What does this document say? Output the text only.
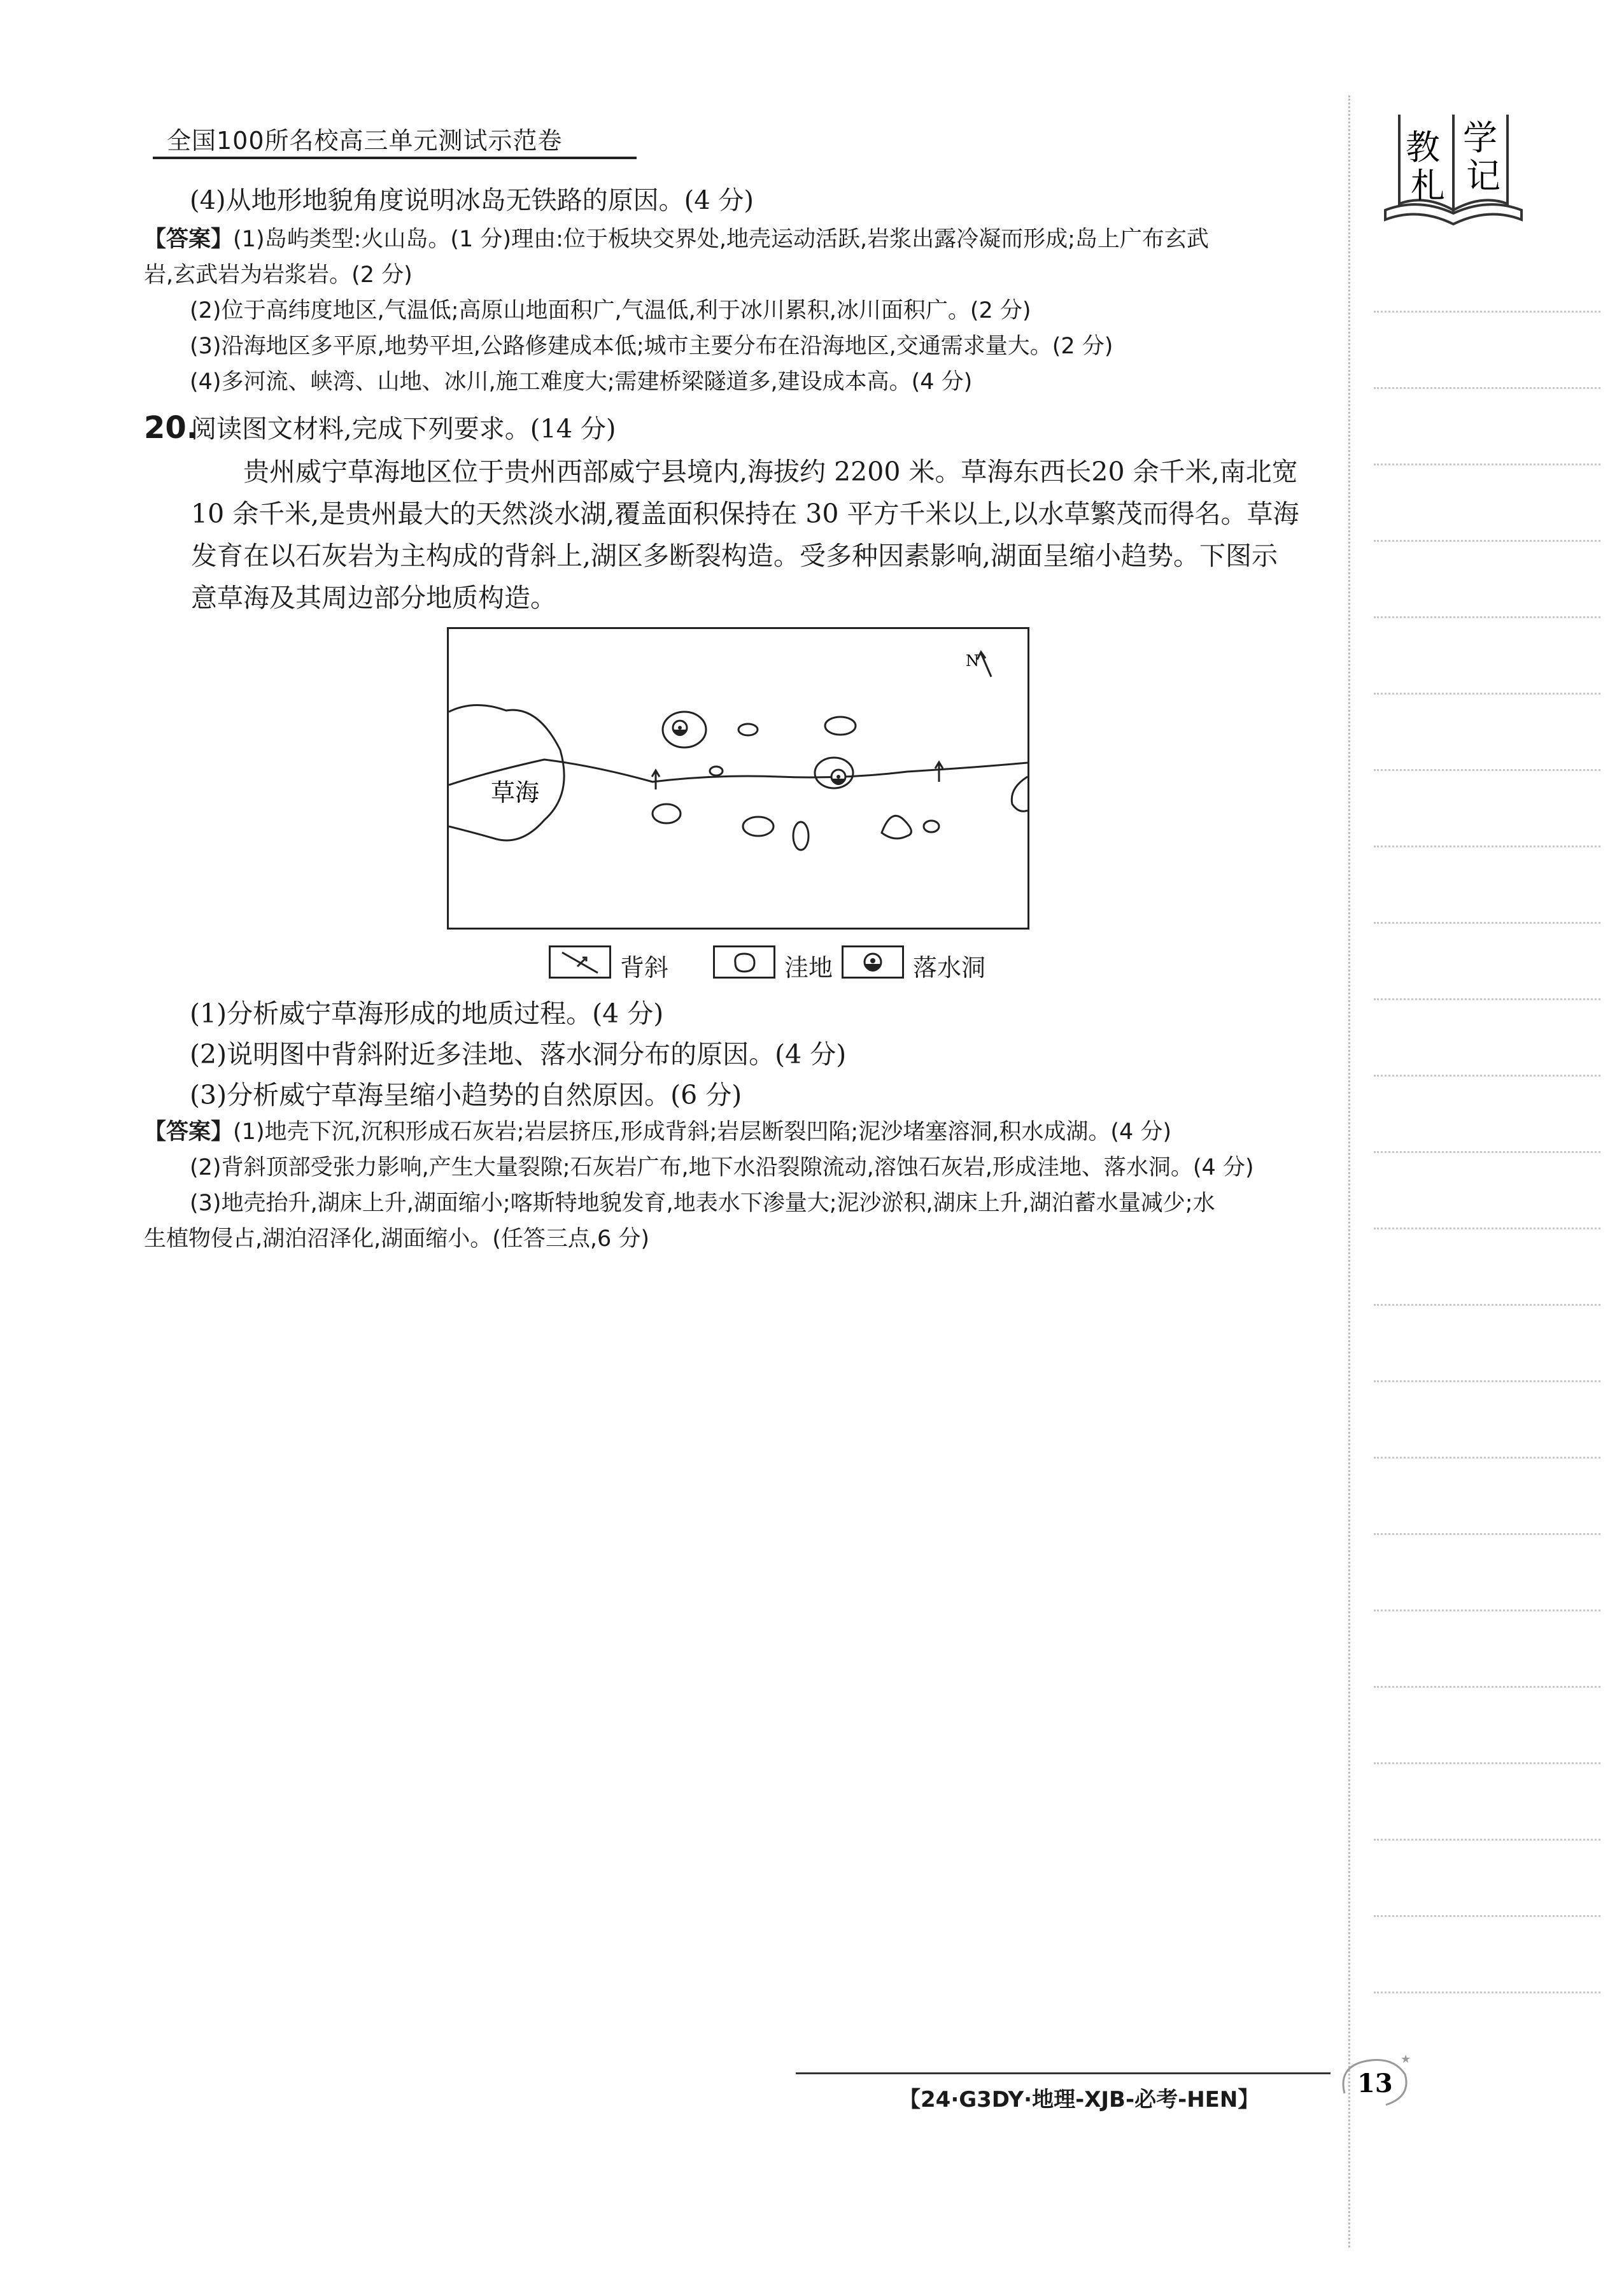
全国100所名校高三单元测试示范卷	教 学
札 记
(4)从地形地貌角度说明冰岛无铁路的原因。(4 分)
【答案】(1)岛屿类型:火山岛。(1 分)理由:位于板块交界处,地壳运动活跃,岩浆出露冷凝而形成;岛上广布玄武
岩,玄武岩为岩浆岩。(2 分)
(2)位于高纬度地区,气温低;高原山地面积广,气温低,利于冰川累积,冰川面积广。(2 分)
(3)沿海地区多平原,地势平坦,公路修建成本低;城市主要分布在沿海地区,交通需求量大。(2 分)
(4)多河流、峡湾、山地、冰川,施工难度大;需建桥梁隧道多,建设成本高。(4 分)
20.
阅读图文材料,完成下列要求。(14 分)
贵州威宁草海地区位于贵州西部威宁县境内,海拔约 2200 米。草海东西长20 余千米,南北宽
10 余千米,是贵州最大的天然淡水湖,覆盖面积保持在 30 平方千米以上,以水草繁茂而得名。草海
发育在以石灰岩为主构成的背斜上,湖区多断裂构造。受多种因素影响,湖面呈缩小趋势。下图示
意草海及其周边部分地质构造。
N
草海
背斜	洼地	落水洞
(1)分析威宁草海形成的地质过程。(4 分)
(2)说明图中背斜附近多洼地、落水洞分布的原因。(4 分)
(3)分析威宁草海呈缩小趋势的自然原因。(6 分)
【答案】(1)地壳下沉,沉积形成石灰岩;岩层挤压,形成背斜;岩层断裂凹陷;泥沙堵塞溶洞,积水成湖。(4 分)
(2)背斜顶部受张力影响,产生大量裂隙;石灰岩广布,地下水沿裂隙流动,溶蚀石灰岩,形成洼地、落水洞。(4 分)
(3)地壳抬升,湖床上升,湖面缩小;喀斯特地貌发育,地表水下渗量大;泥沙淤积,湖床上升,湖泊蓄水量减少;水
生植物侵占,湖泊沼泽化,湖面缩小。(任答三点,6 分)
【24·G3DY·地理-XJB-必考-HEN】
13
★
